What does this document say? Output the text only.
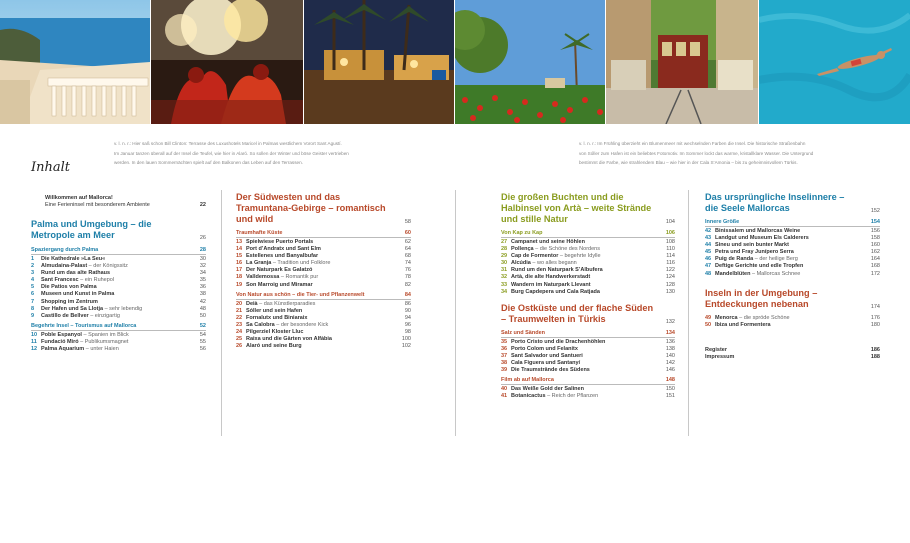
v. l. n. r.: Hier saß schon Bill Clinton: Terrasse des Luxushotels Maricel in Palmas westlichem Vorort Sant Agustí.
Im Januar tanzen überall auf der Insel die Teufel, wie hier in Alaró. So sollen der Winter und böse Geister vertrieben
werden. In den lauen Sommernächten spielt auf den Balkonen das Leben auf den Terrassen.
v. l. n. r.: Im Frühling überzieht ein Blumenmeer mit wechselnden Farben die Insel. Die historische Straßenbahn
von Sóller zum Hafen ist ein beliebtes Fotomotiv. Im Sommer lockt das warme, kristallklare Wasser. Die Untergrund
bestimmt die Farbe, wie strahlendem Blau – wie hier in der Cala S’Amonia – bis zu geheimnisvollem Türkis.
Inhalt
Willkommen auf Mallorca!
Eine Ferieninsel mit besonderem Ambiente	22
Palma und Umgebung – die Metropole am Meer	26
Spaziergang durch Palma	28
1	Die Kathedrale »La Seu«	30
2	Almudaina-Palast – der Königssitz	32
3	Rund um das alte Rathaus	34
4	Sant Francesc – ein Ruhepol	35
5	Die Patios von Palma	36
6	Museen und Kunst in Palma	38
7	Shopping im Zentrum	42
8	Der Hafen und Sa Llotja – sehr lebendig	48
9	Castillo de Bellver – einzigartig	50
Begehrte Insel – Tourismus auf Mallorca	52
10 Poble Espanyol – Spanien im Blick	54
11 Fundació Miró – Publikumsmagnet	55
12 Palma Aquarium – unter Haien	56
Der Südwesten und das Tramuntana-Gebirge – romantisch und wild	58
Traumhafte Küste	60
13 Spielwiese Puerto Portals	62
14 Port d’Andratx und Sant Elm	64
15 Estellenes und Banyalbufar	68
16 La Granja – Tradition und Folklore	74
17 Der Naturpark Es Galatzó	76
18 Valldemossa – Romantik pur	78
19 Son Marroig und Miramar	82
Von Natur aus schön – die Tier- und Pflanzenwelt	84
20 Deià – das Künstlerparadies	86
21 Sóller und sein Hafen	90
22 Fornalutx und Biniaraix	94
23 Sa Calobra – der besondere Kick	96
24 Pilgerziel Kloster Lluc	98
25 Raixa und die Gärten von Alfàbia	100
26 Alaró und seine Burg	102
Die großen Buchten und die Halbinsel von Artà – weite Strände und stille Natur	104
Von Kap zu Kap	106
27 Campanet und seine Höhlen	108
28 Pollença – die Schöne des Nordens	110
29 Cap de Formentor – begehrte Idylle	114
30 Alcúdia – wo alles begann	116
31 Rund um den Naturpark S’Albufera	122
32 Artà, die alte Handwerkerstadt	124
33 Wandern im Naturpark Llevant	128
34 Burg Capdepera und Cala Ratjada	130
Die Ostküste und der flache Süden – Traumwelten in Türkis	132
Salz und Sänden	134
35 Porto Cristo und die Drachenhöhlen	136
36 Porto Colom und Felanitx	138
37 Sant Salvador und Santueri	140
38 Cala Figuera und Santanyí	142
39 Die Traumstrände des Südens	146
Film ab auf Mallorca	148
40 Das Weiße Gold der Salinen	150
41 Botanicactus – Reich der Pflanzen	151
Das ursprüngliche Inselinnere – die Seele Mallorcas	152
Innere Größe	154
42 Binissalem und Mallorcas Weine	156
43 Landgut und Museum Els Calderers	158
44 Sineu und sein bunter Markt	160
45 Petra und Fray Junípero Serra	162
46 Puig de Randa – der heilige Berg	164
47 Deftige Gerichte und edle Tropfen	168
48 Mandelblüten – Mallorcas Schnee	172
Inseln in der Umgebung – Entdeckungen nebenan	174
49 Menorca – die spröde Schöne	176
50 Ibiza und Formentera	180
Register	186
Impressum	188
